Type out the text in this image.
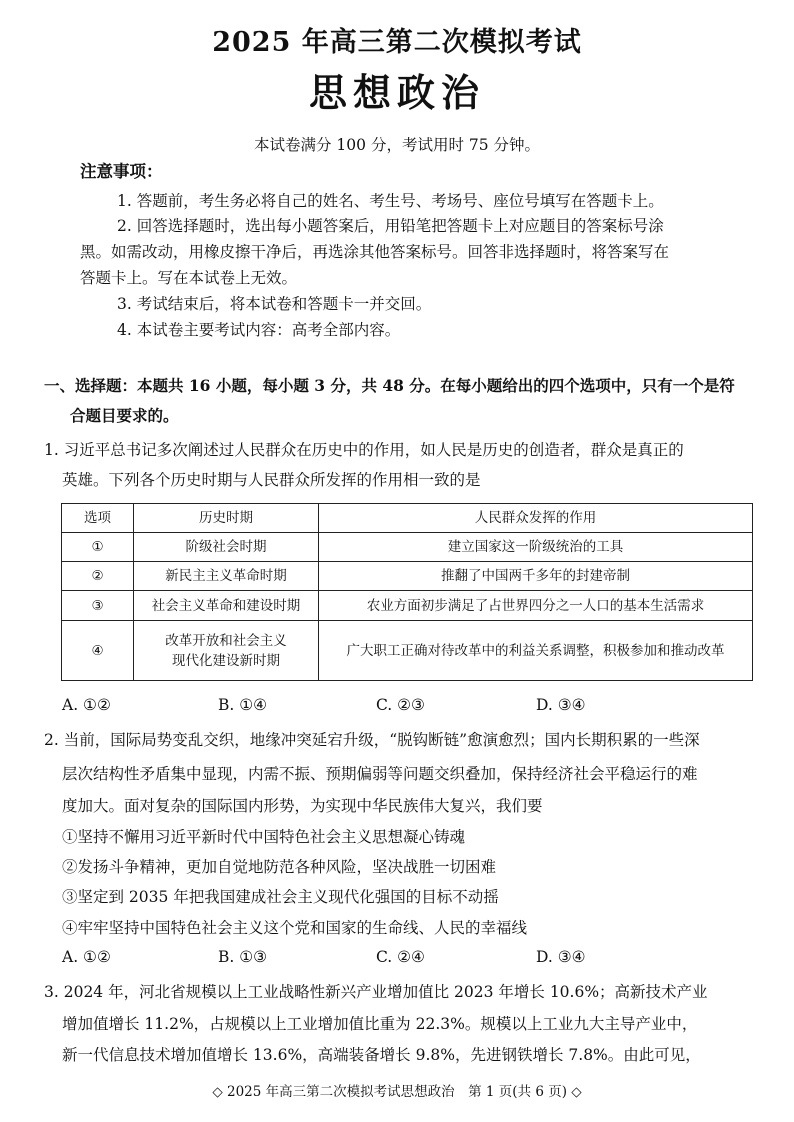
2025 年高三第二次模拟考试
思想政治
本试卷满分 100 分，考试用时 75 分钟。
注意事项：
1. 答题前，考生务必将自己的姓名、考生号、考场号、座位号填写在答题卡上。
2. 回答选择题时，选出每小题答案后，用铅笔把答题卡上对应题目的答案标号涂
黑。如需改动，用橡皮擦干净后，再选涂其他答案标号。回答非选择题时，将答案写在
答题卡上。写在本试卷上无效。
3. 考试结束后，将本试卷和答题卡一并交回。
4. 本试卷主要考试内容：高考全部内容。
一、选择题：本题共 16 小题，每小题 3 分，共 48 分。在每小题给出的四个选项中，只有一个是符
合题目要求的。
1. 习近平总书记多次阐述过人民群众在历史中的作用，如人民是历史的创造者，群众是真正的
英雄。下列各个历史时期与人民群众所发挥的作用相一致的是
选项	历史时期	人民群众发挥的作用
①	阶级社会时期	建立国家这一阶级统治的工具
②	新民主主义革命时期	推翻了中国两千多年的封建帝制
③	社会主义革命和建设时期	农业方面初步满足了占世界四分之一人口的基本生活需求
④	改革开放和社会主义
现代化建设新时期	广大职工正确对待改革中的利益关系调整，积极参加和推动改革
A. ①②	B. ①④	C. ②③	D. ③④
2. 当前，国际局势变乱交织，地缘冲突延宕升级，“脱钩断链”愈演愈烈；国内长期积累的一些深
层次结构性矛盾集中显现，内需不振、预期偏弱等问题交织叠加，保持经济社会平稳运行的难
度加大。面对复杂的国际国内形势，为实现中华民族伟大复兴，我们要
①坚持不懈用习近平新时代中国特色社会主义思想凝心铸魂
②发扬斗争精神，更加自觉地防范各种风险，坚决战胜一切困难
③坚定到 2035 年把我国建成社会主义现代化强国的目标不动摇
④牢牢坚持中国特色社会主义这个党和国家的生命线、人民的幸福线
A. ①②	B. ①③	C. ②④	D. ③④
3. 2024 年，河北省规模以上工业战略性新兴产业增加值比 2023 年增长 10.6%；高新技术产业
增加值增长 11.2%，占规模以上工业增加值比重为 22.3%。规模以上工业九大主导产业中，
新一代信息技术增加值增长 13.6%，高端装备增长 9.8%，先进钢铁增长 7.8%。由此可见，
◇ 2025 年高三第二次模拟考试思想政治　第 1 页(共 6 页) ◇
